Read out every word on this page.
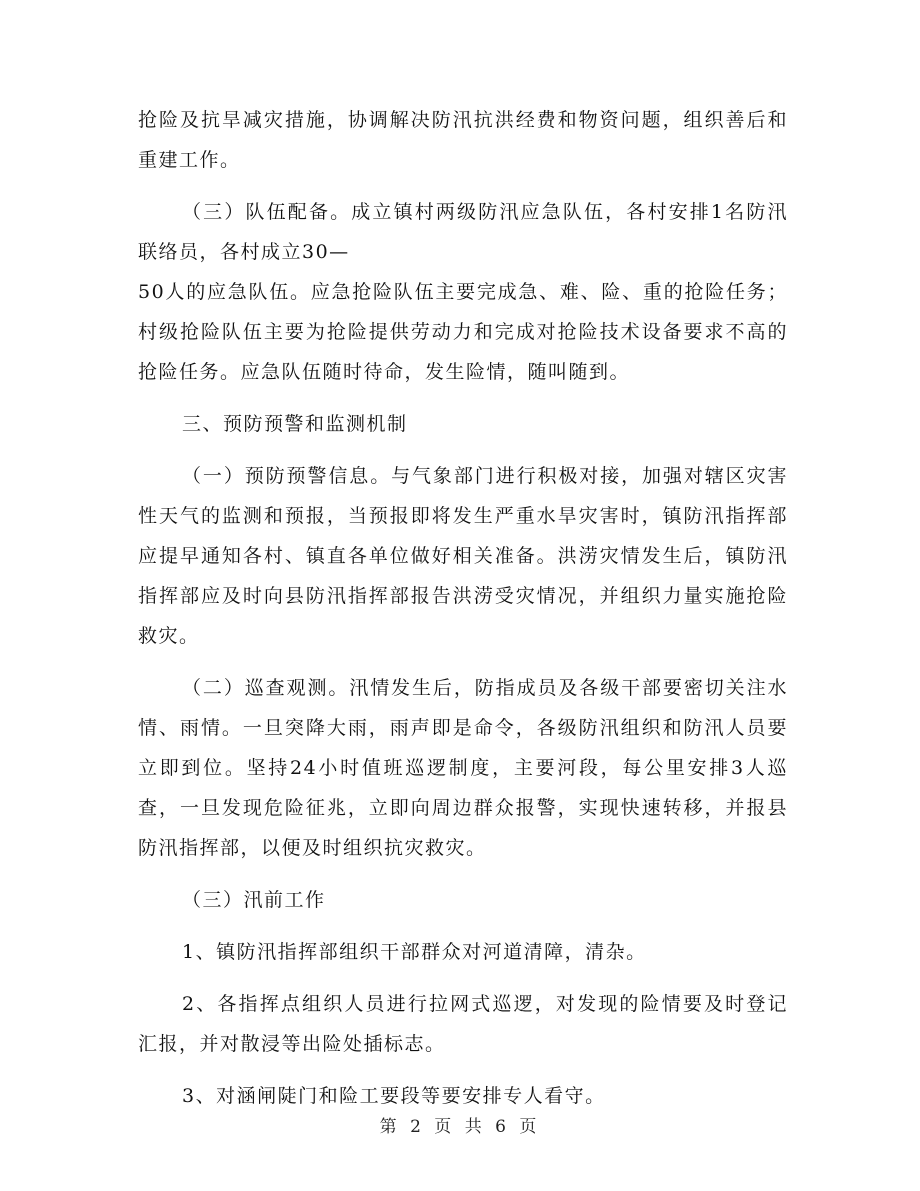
抢险及抗旱减灾措施，协调解决防汛抗洪经费和物资问题，组织善后和重建工作。

（三）队伍配备。成立镇村两级防汛应急队伍，各村安排1名防汛联络员，各村成立30—
50人的应急队伍。应急抢险队伍主要完成急、难、险、重的抢险任务；村级抢险队伍主要为抢险提供劳动力和完成对抢险技术设备要求不高的抢险任务。应急队伍随时待命，发生险情，随叫随到。

三、预防预警和监测机制

（一）预防预警信息。与气象部门进行积极对接，加强对辖区灾害性天气的监测和预报，当预报即将发生严重水旱灾害时，镇防汛指挥部应提早通知各村、镇直各单位做好相关准备。洪涝灾情发生后，镇防汛指挥部应及时向县防汛指挥部报告洪涝受灾情况，并组织力量实施抢险救灾。

（二）巡查观测。汛情发生后，防指成员及各级干部要密切关注水情、雨情。一旦突降大雨，雨声即是命令，各级防汛组织和防汛人员要立即到位。坚持24小时值班巡逻制度，主要河段，每公里安排3人巡查，一旦发现危险征兆，立即向周边群众报警，实现快速转移，并报县防汛指挥部，以便及时组织抗灾救灾。

（三）汛前工作

1、镇防汛指挥部组织干部群众对河道清障，清杂。

2、各指挥点组织人员进行拉网式巡逻，对发现的险情要及时登记汇报，并对散浸等出险处插标志。

3、对涵闸陡门和险工要段等要安排专人看守。

第 2 页 共 6 页
